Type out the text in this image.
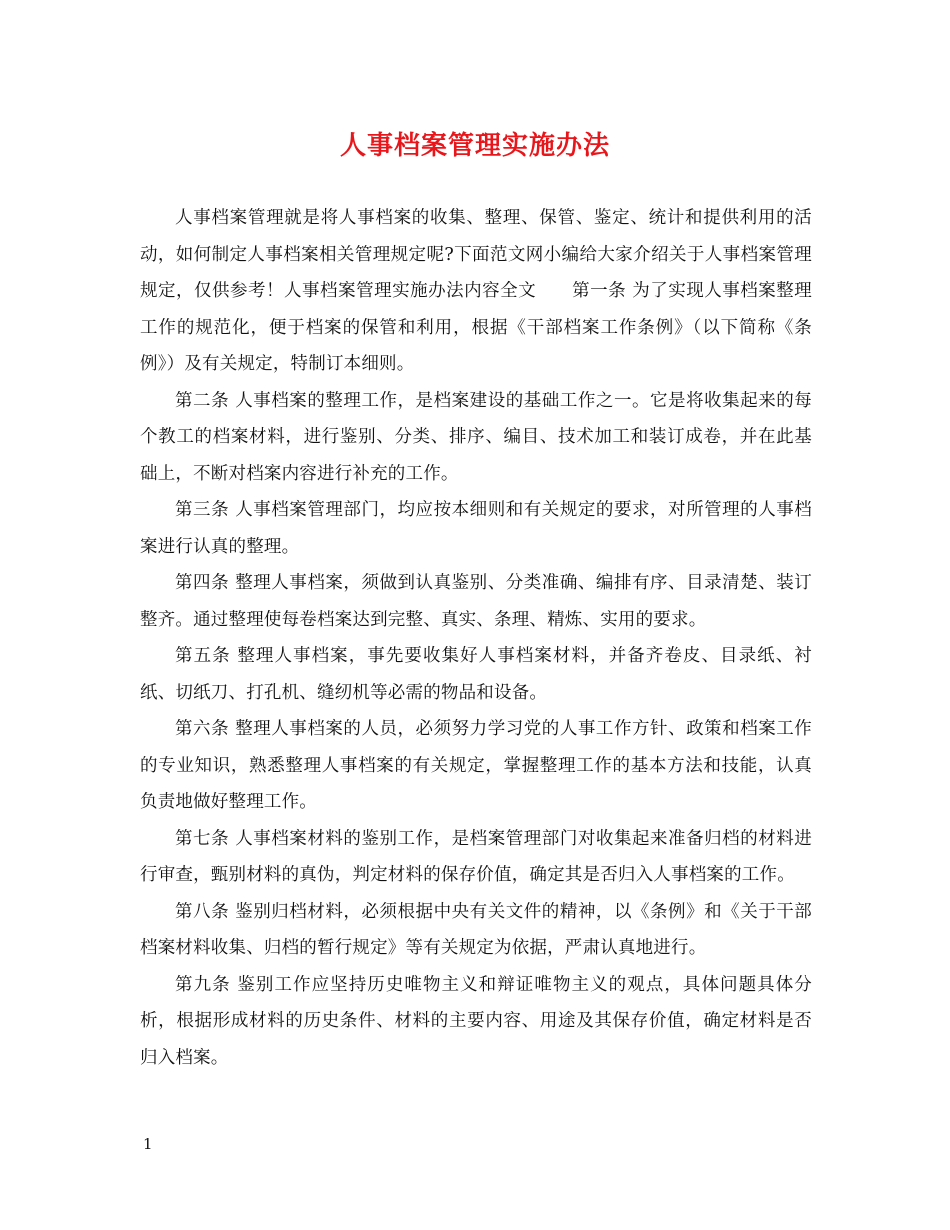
人事档案管理实施办法

人事档案管理就是将人事档案的收集、整理、保管、鉴定、统计和提供利用的活动，如何制定人事档案相关管理规定呢?下面范文网小编给大家介绍关于人事档案管理规定，仅供参考！人事档案管理实施办法内容全文　　第一条 为了实现人事档案整理工作的规范化，便于档案的保管和利用，根据《干部档案工作条例》（以下简称《条例》）及有关规定，特制订本细则。

第二条 人事档案的整理工作，是档案建设的基础工作之一。它是将收集起来的每个教工的档案材料，进行鉴别、分类、排序、编目、技术加工和装订成卷，并在此基础上，不断对档案内容进行补充的工作。

第三条 人事档案管理部门，均应按本细则和有关规定的要求，对所管理的人事档案进行认真的整理。

第四条 整理人事档案，须做到认真鉴别、分类准确、编排有序、目录清楚、装订整齐。通过整理使每卷档案达到完整、真实、条理、精炼、实用的要求。

第五条 整理人事档案，事先要收集好人事档案材料，并备齐卷皮、目录纸、衬纸、切纸刀、打孔机、缝纫机等必需的物品和设备。

第六条 整理人事档案的人员，必须努力学习党的人事工作方针、政策和档案工作的专业知识，熟悉整理人事档案的有关规定，掌握整理工作的基本方法和技能，认真负责地做好整理工作。

第七条 人事档案材料的鉴别工作，是档案管理部门对收集起来准备归档的材料进行审查，甄别材料的真伪，判定材料的保存价值，确定其是否归入人事档案的工作。

第八条 鉴别归档材料，必须根据中央有关文件的精神，以《条例》和《关于干部档案材料收集、归档的暂行规定》等有关规定为依据，严肃认真地进行。

第九条 鉴别工作应坚持历史唯物主义和辩证唯物主义的观点，具体问题具体分析，根据形成材料的历史条件、材料的主要内容、用途及其保存价值，确定材料是否归入档案。

1
